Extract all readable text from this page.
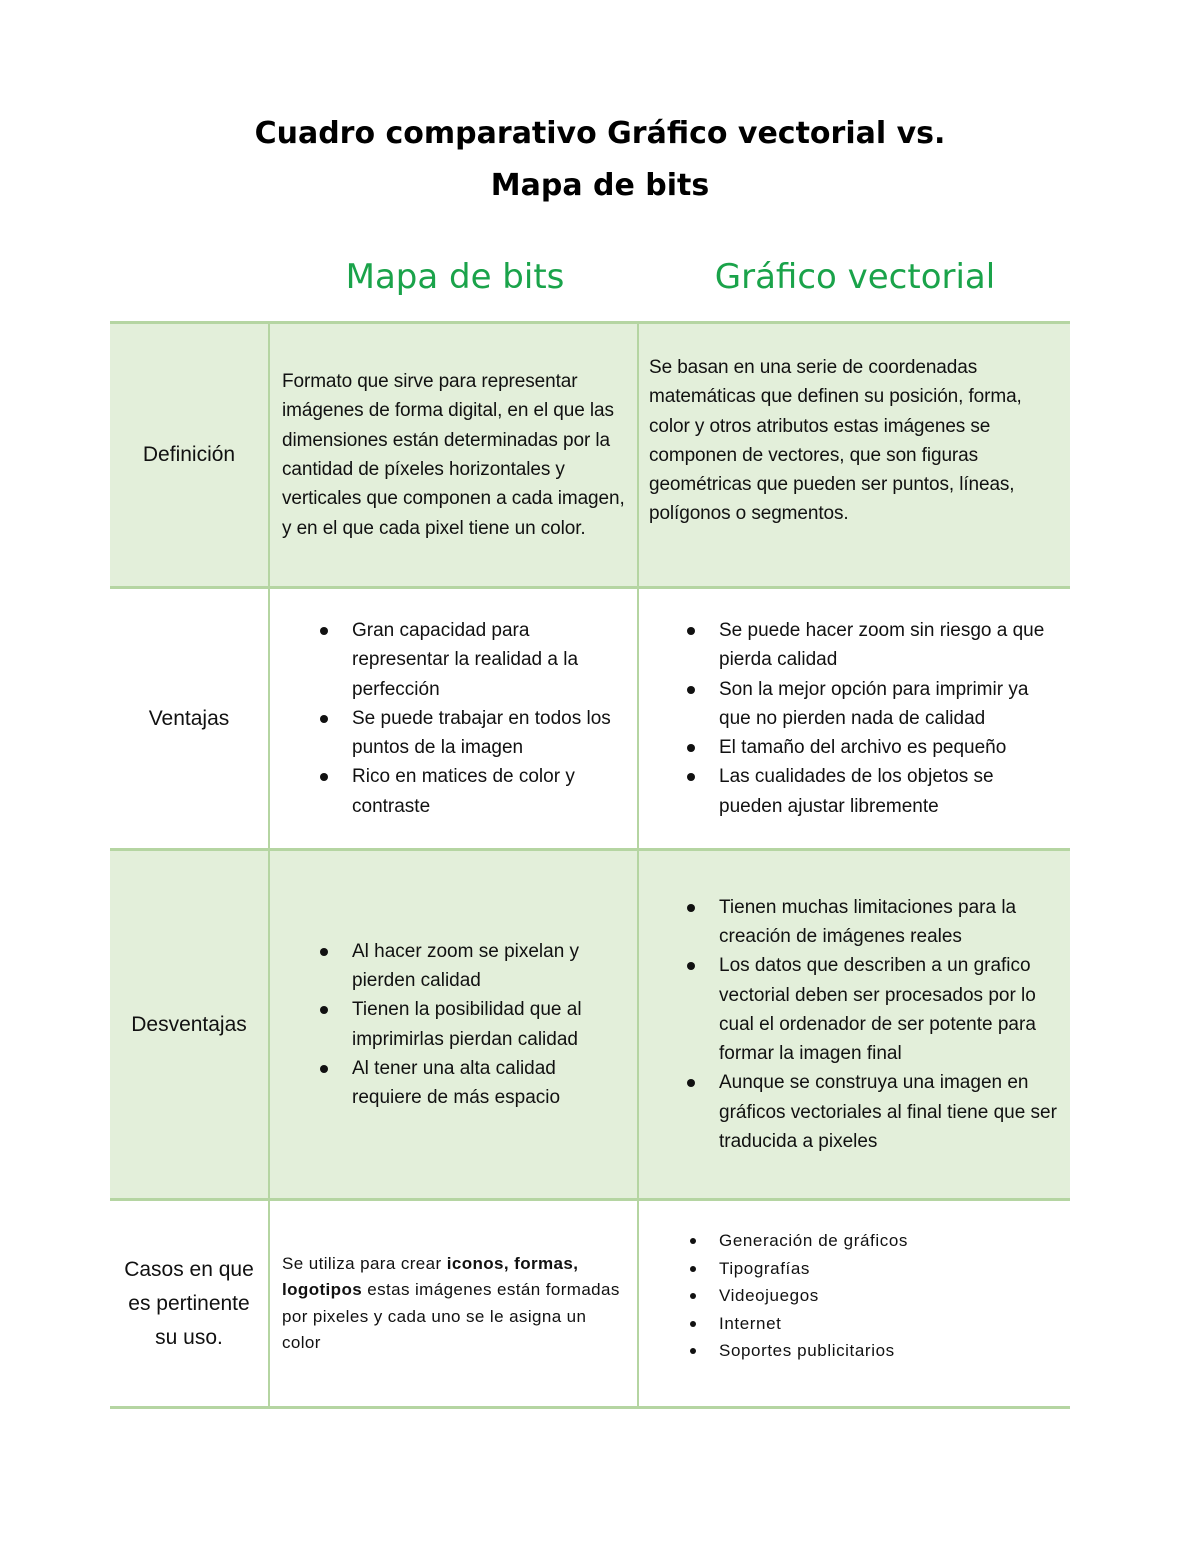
Cuadro comparativo Gráfico vectorial vs.
Mapa de bits
Mapa de bits	Gráfico vectorial
Definición

Formato que sirve para representar imágenes de forma digital, en el que las dimensiones están determinadas por la cantidad de píxeles horizontales y verticales que componen a cada imagen, y en el que cada pixel tiene un color.

Se basan en una serie de coordenadas matemáticas que definen su posición, forma, color y otros atributos estas imágenes se componen de vectores, que son figuras geométricas que pueden ser puntos, líneas, polígonos o segmentos.

Ventajas
Gran capacidad para representar la realidad a la perfección
Se puede trabajar en todos los puntos de la imagen
Rico en matices de color y contraste
Se puede hacer zoom sin riesgo a que pierda calidad
Son la mejor opción para imprimir ya que no pierden nada de calidad
El tamaño del archivo es pequeño
Las cualidades de los objetos se pueden ajustar libremente
Desventajas
Al hacer zoom se pixelan y pierden calidad
Tienen la posibilidad que al imprimirlas pierdan calidad
Al tener una alta calidad requiere de más espacio
Tienen muchas limitaciones para la creación de imágenes reales
Los datos que describen a un grafico vectorial deben ser procesados por lo cual el ordenador de ser potente para formar la imagen final
Aunque se construya una imagen en gráficos vectoriales al final tiene que ser traducida a pixeles
Casos en que es pertinente su uso.

Se utiliza para crear iconos, formas, logotipos estas imágenes están formadas por pixeles y cada uno se le asigna un color

Generación de gráficos
Tipografías
Videojuegos
Internet
Soportes publicitarios
